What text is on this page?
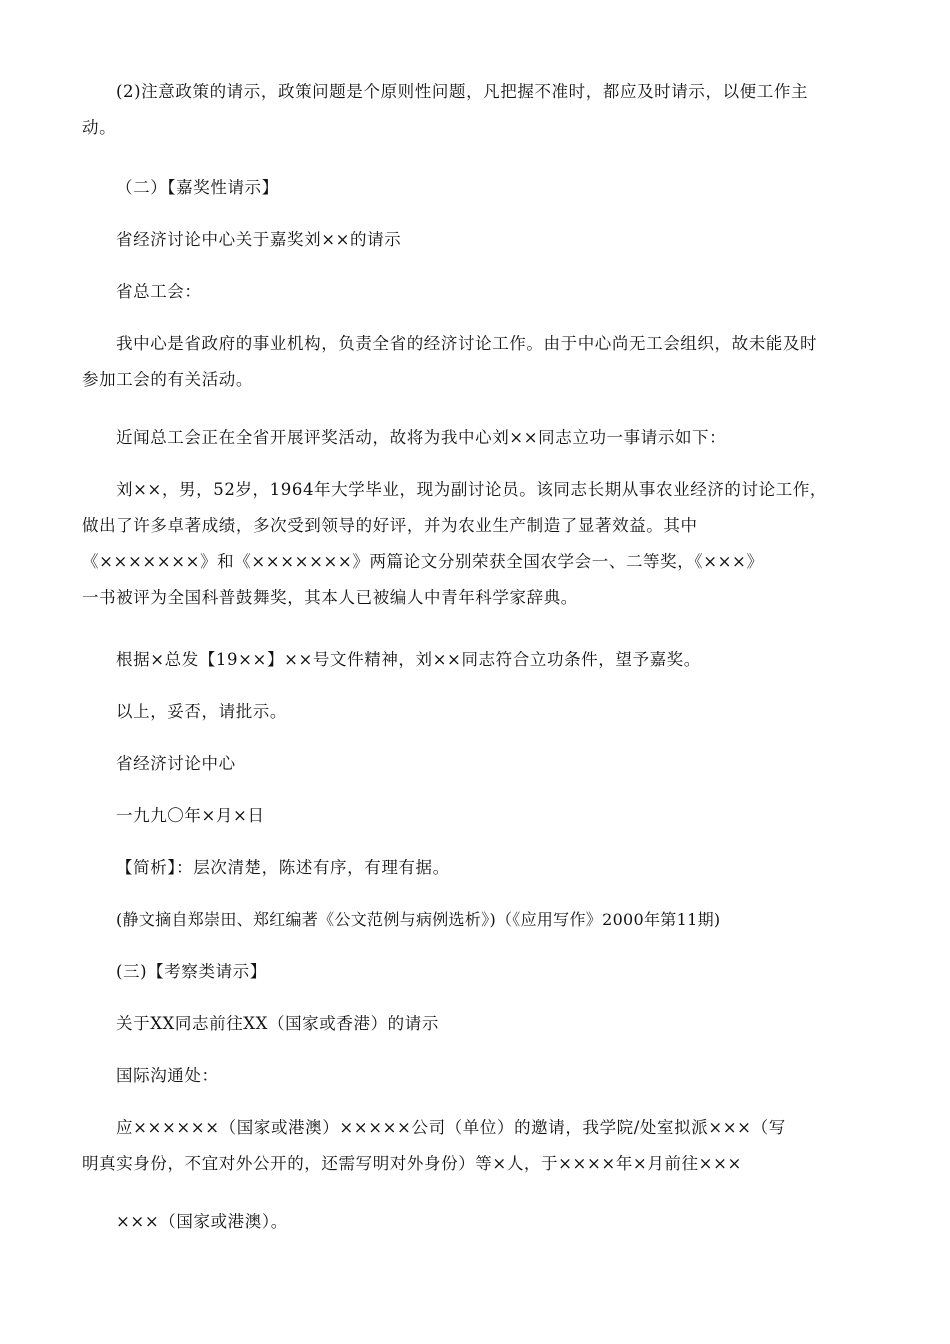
(2)注意政策的请示，政策问题是个原则性问题，凡把握不准时，都应及时请示，以便工作主
动。
（二）【嘉奖性请示】
省经济讨论中心关于嘉奖刘××的请示
省总工会：
我中心是省政府的事业机构，负责全省的经济讨论工作。由于中心尚无工会组织，故未能及时
参加工会的有关活动。
近闻总工会正在全省开展评奖活动，故将为我中心刘××同志立功一事请示如下：
刘××，男，52岁，1964年大学毕业，现为副讨论员。该同志长期从事农业经济的讨论工作，
做出了许多卓著成绩，多次受到领导的好评，并为农业生产制造了显著效益。其中
《×××××××》和《×××××××》两篇论文分别荣获全国农学会一、二等奖，《×××》
一书被评为全国科普鼓舞奖，其本人已被编人中青年科学家辞典。
根据×总发【19××】××号文件精神，刘××同志符合立功条件，望予嘉奖。
以上，妥否，请批示。
省经济讨论中心
一九九〇年×月×日
【简析】：层次清楚，陈述有序，有理有据。
(静文摘自郑崇田、郑红编著《公文范例与病例选析》)（《应用写作》2000年第11期)
(三)【考察类请示】
关于XX同志前往XX（国家或香港）的请示
国际沟通处：
应××××××（国家或港澳）×××××公司（单位）的邀请，我学院/处室拟派×××（写
明真实身份，不宜对外公开的，还需写明对外身份）等×人，于××××年×月前往×××
×××（国家或港澳）。
